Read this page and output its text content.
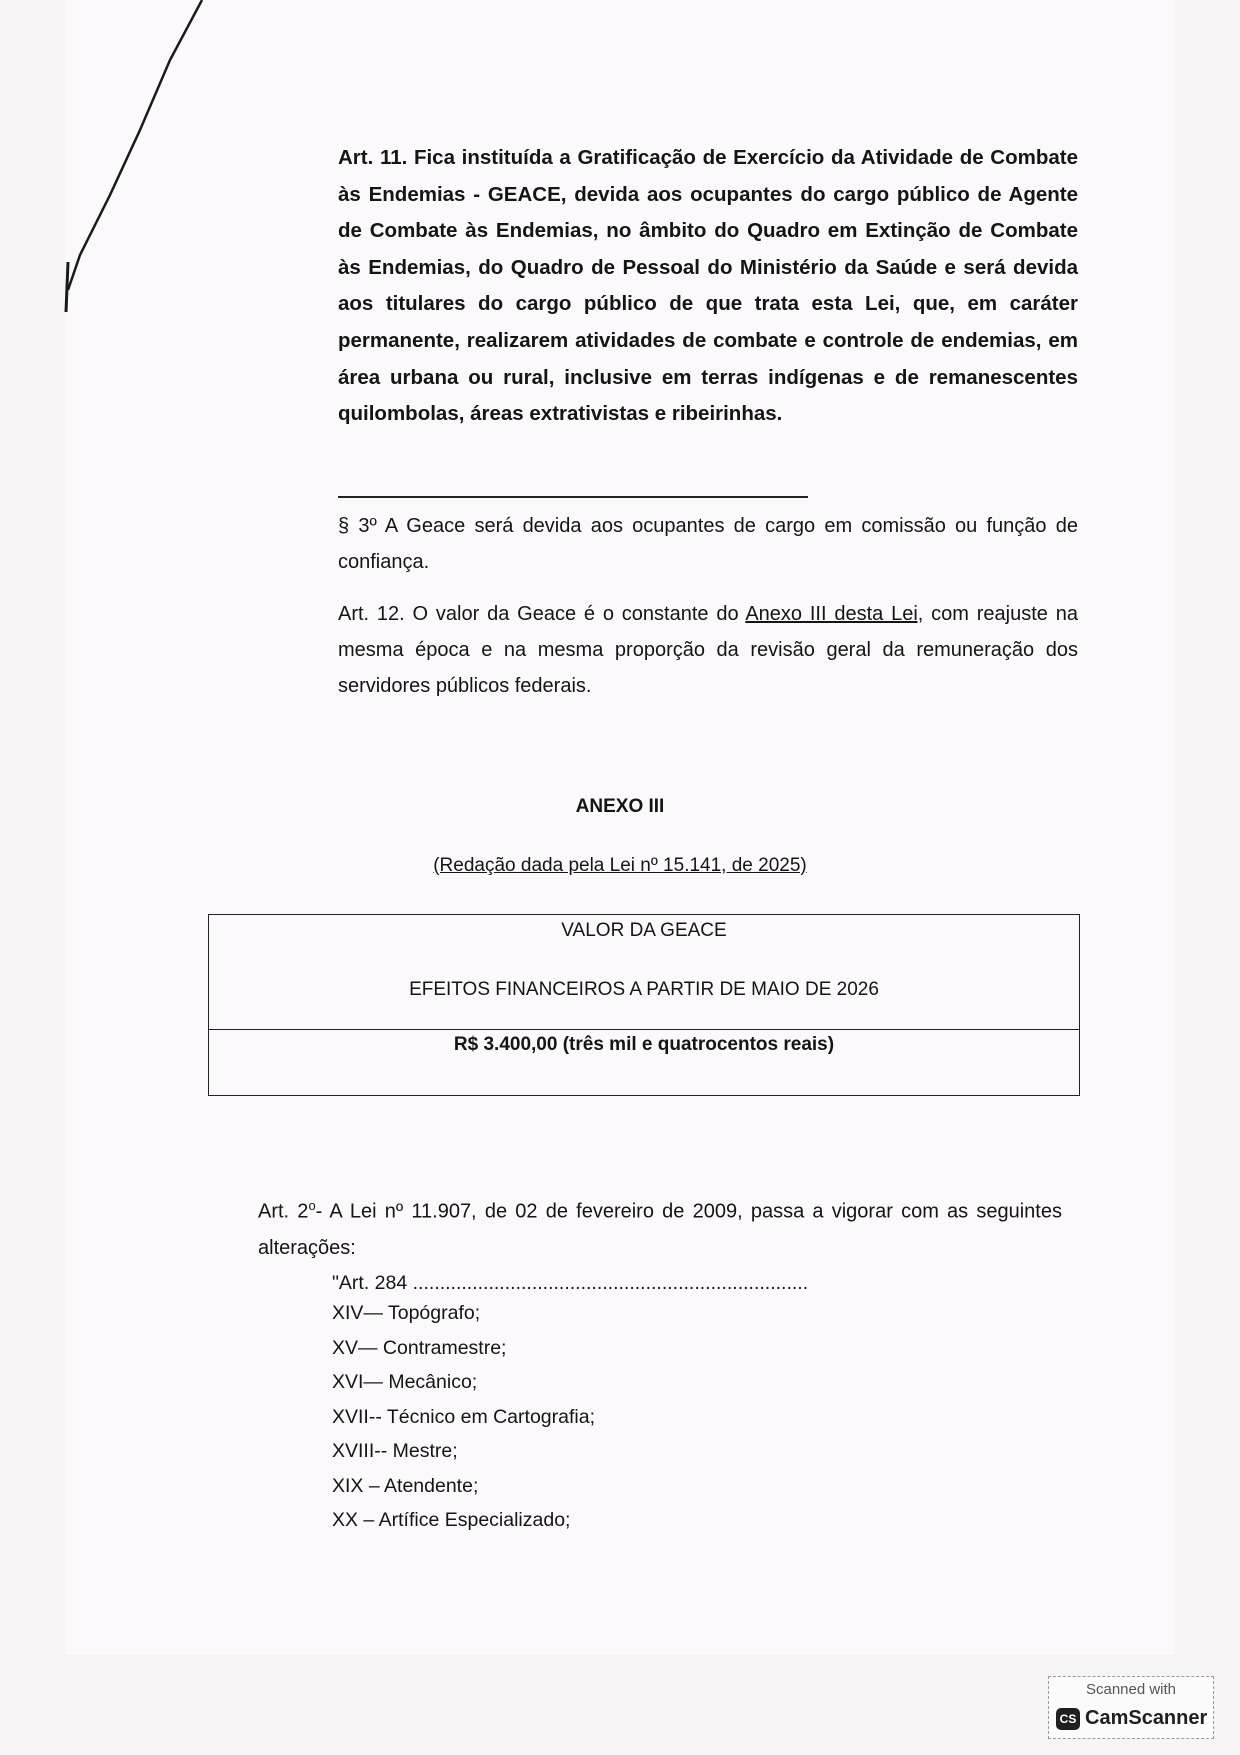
Art. 11. Fica instituída a Gratificação de Exercício da Atividade de Combate às Endemias - GEACE, devida aos ocupantes do cargo público de Agente de Combate às Endemias, no âmbito do Quadro em Extinção de Combate às Endemias, do Quadro de Pessoal do Ministério da Saúde e será devida aos titulares do cargo público de que trata esta Lei, que, em caráter permanente, realizarem atividades de combate e controle de endemias, em área urbana ou rural, inclusive em terras indígenas e de remanescentes quilombolas, áreas extrativistas e ribeirinhas.

§ 3º A Geace será devida aos ocupantes de cargo em comissão ou função de confiança.

Art. 12. O valor da Geace é o constante do Anexo III desta Lei, com reajuste na mesma época e na mesma proporção da revisão geral da remuneração dos servidores públicos federais.

ANEXO III

(Redação dada pela Lei nº 15.141, de 2025)

VALOR DA GEACE
EFEITOS FINANCEIROS A PARTIR DE MAIO DE 2026

R$ 3.400,00 (três mil e quatrocentos reais)

Art. 2$^o$- A Lei nº 11.907, de 02 de fevereiro de 2009, passa a vigorar com as seguintes alterações:

"Art. 284 .........................................................................
XIV— Topógrafo;
XV— Contramestre;
XVI— Mecânico;
XVII-- Técnico em Cartografia;
XVIII-- Mestre;
XIX – Atendente;
XX – Artífice Especializado;
Scanned with
CS CamScanner
